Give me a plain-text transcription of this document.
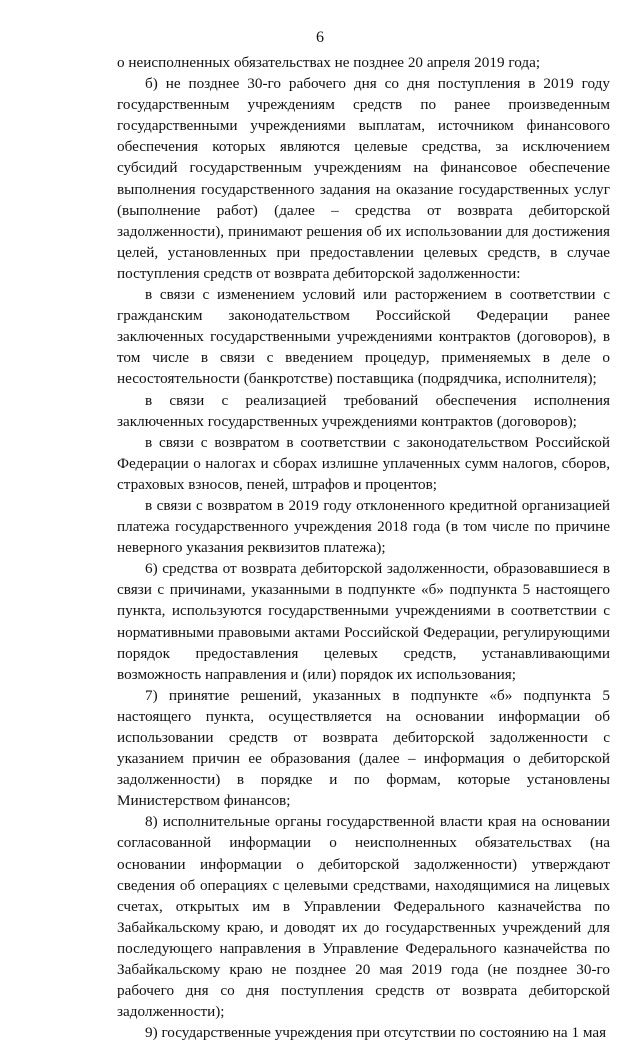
6

о неисполненных обязательствах не позднее 20 апреля 2019 года;

б) не позднее 30-го рабочего дня со дня поступления в 2019 году государственным учреждениям средств по ранее произведенным государственными учреждениями выплатам, источником финансового обеспечения которых являются целевые средства, за исключением субсидий государственным учреждениям на финансовое обеспечение выполнения государственного задания на оказание государственных услуг (выполнение работ) (далее – средства от возврата дебиторской задолженности), принимают решения об их использовании для достижения целей, установленных при предоставлении целевых средств, в случае поступления средств от возврата дебиторской задолженности:

в связи с изменением условий или расторжением в соответствии с гражданским законодательством Российской Федерации ранее заключенных государственными учреждениями контрактов (договоров), в том числе в связи с введением процедур, применяемых в деле о несостоятельности (банкротстве) поставщика (подрядчика, исполнителя);

в связи с реализацией требований обеспечения исполнения заключенных государственных учреждениями контрактов (договоров);

в связи с возвратом в соответствии с законодательством Российской Федерации о налогах и сборах излишне уплаченных сумм налогов, сборов, страховых взносов, пеней, штрафов и процентов;

в связи с возвратом в 2019 году отклоненного кредитной организацией платежа государственного учреждения 2018 года (в том числе по причине неверного указания реквизитов платежа);

6) средства от возврата дебиторской задолженности, образовавшиеся в связи с причинами, указанными в подпункте «б» подпункта 5 настоящего пункта, используются государственными учреждениями в соответствии с нормативными правовыми актами Российской Федерации, регулирующими порядок предоставления целевых средств, устанавливающими возможность направления и (или) порядок их использования;

7) принятие решений, указанных в подпункте «б» подпункта 5 настоящего пункта, осуществляется на основании информации об использовании средств от возврата дебиторской задолженности с указанием причин ее образования (далее – информация о дебиторской задолженности) в порядке и по формам, которые установлены Министерством финансов;

8) исполнительные органы государственной власти края на основании согласованной информации о неисполненных обязательствах (на основании информации о дебиторской задолженности) утверждают сведения об операциях с целевыми средствами, находящимися на лицевых счетах, открытых им в Управлении Федерального казначейства по Забайкальскому краю, и доводят их до государственных учреждений для последующего направления в Управление Федерального казначейства по Забайкальскому краю не позднее 20 мая 2019 года (не позднее 30-го рабочего дня со дня поступления средств от возврата дебиторской задолженности);

9) государственные учреждения при отсутствии по состоянию на 1 мая
